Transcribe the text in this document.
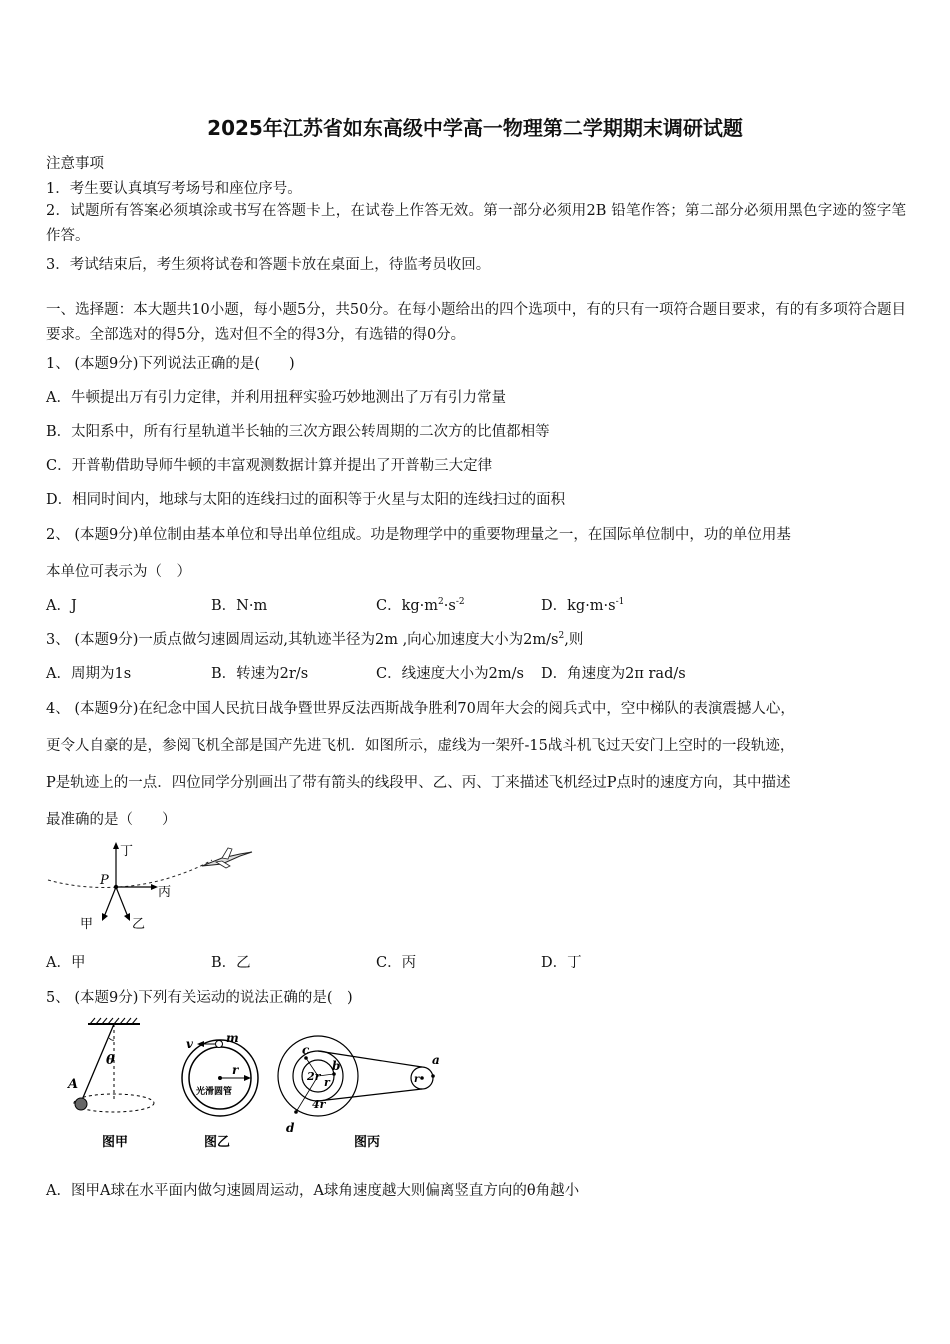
2025年江苏省如东高级中学高一物理第二学期期末调研试题
注意事项
1．考生要认真填写考场号和座位序号。
2．试题所有答案必须填涂或书写在答题卡上，在试卷上作答无效。第一部分必须用2B 铅笔作答；第二部分必须用黑色字迹的签字笔作答。
3．考试结束后，考生须将试卷和答题卡放在桌面上，待监考员收回。
一、选择题：本大题共10小题，每小题5分，共50分。在每小题给出的四个选项中，有的只有一项符合题目要求，有的有多项符合题目要求。全部选对的得5分，选对但不全的得3分，有选错的得0分。
1、 (本题9分)下列说法正确的是(　　)
A．牛顿提出万有引力定律，并利用扭秤实验巧妙地测出了万有引力常量
B．太阳系中，所有行星轨道半长轴的三次方跟公转周期的二次方的比值都相等
C．开普勒借助导师牛顿的丰富观测数据计算并提出了开普勒三大定律
D．相同时间内，地球与太阳的连线扫过的面积等于火星与太阳的连线扫过的面积
2、 (本题9分)单位制由基本单位和导出单位组成。功是物理学中的重要物理量之一，在国际单位制中，功的单位用基
本单位可表示为（　）
A．J	B．N·m	C．$kg\cdot m^2\cdot s^{-2}$	D．$kg\cdot m\cdot s^{-1}$
3、 (本题9分)一质点做匀速圆周运动,其轨迹半径为2m ,向心加速度大小为$2m/s^2$,则
A．周期为1s	B．转速为2r/s	C．线速度大小为2m/s D．角速度为2π rad/s
4、 (本题9分)在纪念中国人民抗日战争暨世界反法西斯战争胜利70周年大会的阅兵式中，空中梯队的表演震撼人心，
更令人自豪的是，参阅飞机全部是国产先进飞机．如图所示，虚线为一架歼-15战斗机飞过天安门上空时的一段轨迹，
P是轨迹上的一点．四位同学分别画出了带有箭头的线段甲、乙、丙、丁来描述飞机经过P点时的速度方向，其中描述
最准确的是（　　）
P
丁
丙
甲	乙
A．甲	B．乙	C．丙	D．丁
5、 (本题9分)下列有关运动的说法正确的是(　)
θ
A
图甲
v	m
r
光滑圆管
图乙
c
b	a
d
2r r
4r
r
图丙
A．图甲A球在水平面内做匀速圆周运动，A球角速度越大则偏离竖直方向的θ角越小
